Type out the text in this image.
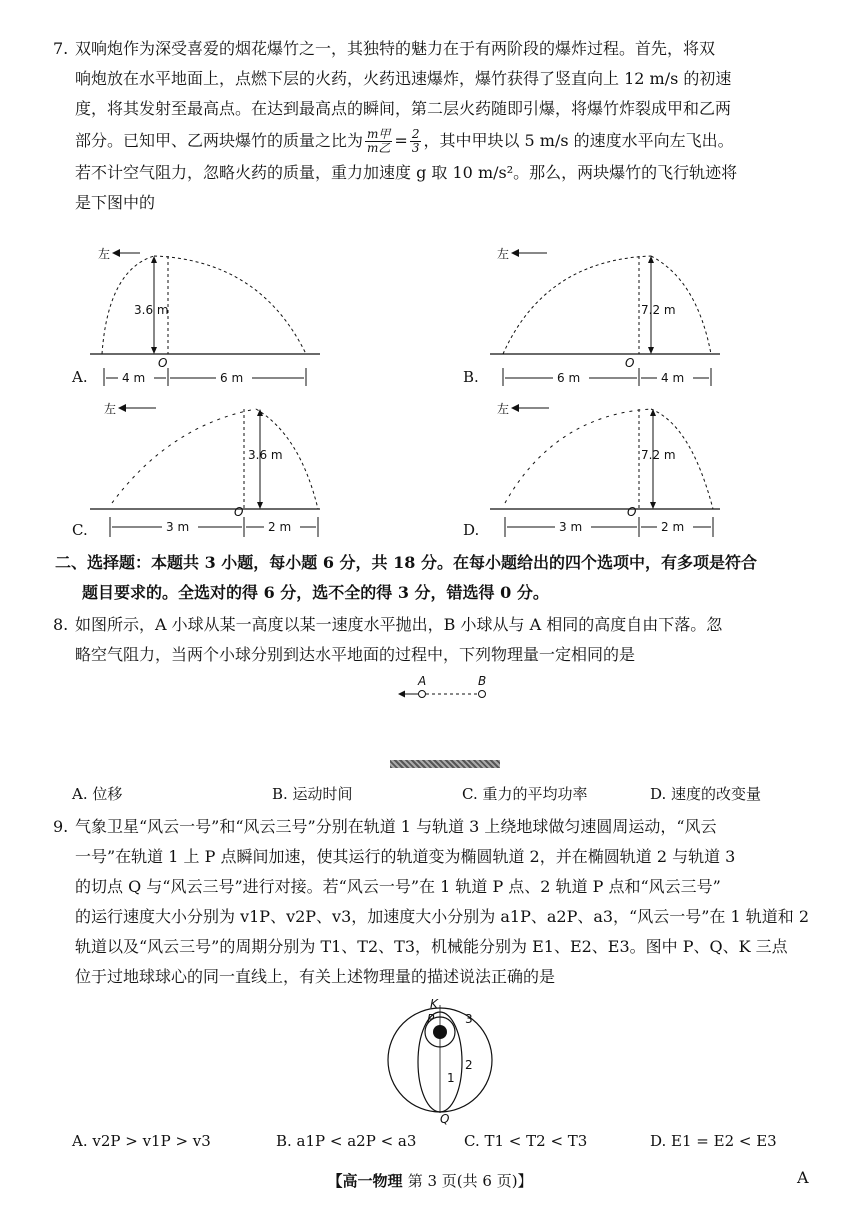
7. 双响炮作为深受喜爱的烟花爆竹之一，其独特的魅力在于有两阶段的爆炸过程。首先，将双

响炮放在水平地面上，点燃下层的火药，火药迅速爆炸，爆竹获得了竖直向上 12 m/s 的初速

度，将其发射至最高点。在达到最高点的瞬间，第二层火药随即引爆，将爆竹炸裂成甲和乙两

部分。已知甲、乙两块爆竹的质量之比为 $\frac{\text{m甲}}{\text{m乙}} = \frac{2}{3}$ ，其中甲块以 5 m/s 的速度水平向左飞出。

若不计空气阻力，忽略火药的质量，重力加速度 g 取 10 m/s²。那么，两块爆竹的飞行轨迹将

是下图中的

左
3.6 m
O
4 m	6 m
A.
左
7.2 m
O
6 m	4 m
B.
左
3.6 m
O
3 m	2 m
C.
左
7.2 m
O
3 m	2 m
D.

二、选择题：本题共 3 小题，每小题 6 分，共 18 分。在每小题给出的四个选项中，有多项是符合

题目要求的。全选对的得 6 分，选不全的得 3 分，错选得 0 分。

8. 如图所示，A 小球从某一高度以某一速度水平抛出，B 小球从与 A 相同的高度自由下落。忽

略空气阻力，当两个小球分别到达水平地面的过程中，下列物理量一定相同的是

A	B
A. 位移	B. 运动时间	C. 重力的平均功率	D. 速度的改变量
9. 气象卫星“风云一号”和“风云三号”分别在轨道 1 与轨道 3 上绕地球做匀速圆周运动，“风云

一号”在轨道 1 上 P 点瞬间加速，使其运行的轨道变为椭圆轨道 2，并在椭圆轨道 2 与轨道 3

的切点 Q 与“风云三号”进行对接。若“风云一号”在 1 轨道 P 点、2 轨道 P 点和“风云三号”

的运行速度大小分别为 v1P、v2P、v3，加速度大小分别为 a1P、a2P、a3，“风云一号”在 1 轨道和 2

轨道以及“风云三号”的周期分别为 T1、T2、T3，机械能分别为 E1、E2、E3。图中 P、Q、K 三点

位于过地球球心的同一直线上，有关上述物理量的描述说法正确的是

K
P
Q
1
2
3
A. v2P > v1P > v3	B. a1P < a2P < a3	C. T1 < T2 < T3	D. E1 = E2 < E3
【高一物理 第 3 页(共 6 页)】	A
